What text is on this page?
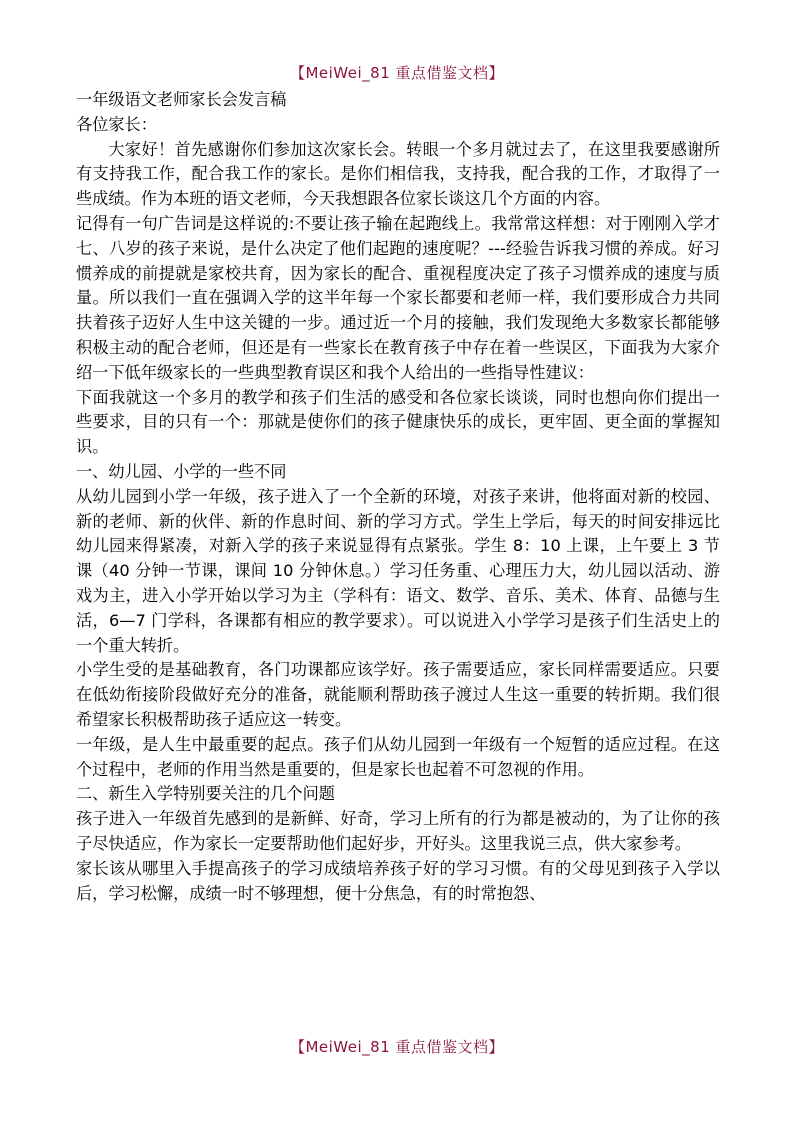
【MeiWei_81 重点借鉴文档】

一年级语文老师家长会发言稿

各位家长：

大家好！首先感谢你们参加这次家长会。转眼一个多月就过去了，在这里我要感谢所有支持我工作，配合我工作的家长。是你们相信我，支持我，配合我的工作，才取得了一些成绩。作为本班的语文老师，今天我想跟各位家长谈这几个方面的内容。

记得有一句广告词是这样说的:不要让孩子输在起跑线上。我常常这样想：对于刚刚入学才七、八岁的孩子来说，是什么决定了他们起跑的速度呢？---经验告诉我习惯的养成。好习惯养成的前提就是家校共育，因为家长的配合、重视程度决定了孩子习惯养成的速度与质量。所以我们一直在强调入学的这半年每一个家长都要和老师一样，我们要形成合力共同扶着孩子迈好人生中这关键的一步。通过近一个月的接触，我们发现绝大多数家长都能够积极主动的配合老师，但还是有一些家长在教育孩子中存在着一些误区，下面我为大家介绍一下低年级家长的一些典型教育误区和我个人给出的一些指导性建议：

下面我就这一个多月的教学和孩子们生活的感受和各位家长谈谈，同时也想向你们提出一些要求，目的只有一个：那就是使你们的孩子健康快乐的成长，更牢固、更全面的掌握知识。

一、幼儿园、小学的一些不同

从幼儿园到小学一年级，孩子进入了一个全新的环境，对孩子来讲，他将面对新的校园、新的老师、新的伙伴、新的作息时间、新的学习方式。学生上学后，每天的时间安排远比幼儿园来得紧凑，对新入学的孩子来说显得有点紧张。学生 8：10 上课，上午要上 3 节课（40 分钟一节课，课间 10 分钟休息。）学习任务重、心理压力大，幼儿园以活动、游戏为主，进入小学开始以学习为主（学科有：语文、数学、音乐、美术、体育、品德与生活，6—7 门学科，各课都有相应的教学要求）。可以说进入小学学习是孩子们生活史上的一个重大转折。

小学生受的是基础教育，各门功课都应该学好。孩子需要适应，家长同样需要适应。只要在低幼衔接阶段做好充分的准备，就能顺利帮助孩子渡过人生这一重要的转折期。我们很希望家长积极帮助孩子适应这一转变。

一年级，是人生中最重要的起点。孩子们从幼儿园到一年级有一个短暂的适应过程。在这个过程中，老师的作用当然是重要的，但是家长也起着不可忽视的作用。

二、新生入学特别要关注的几个问题

孩子进入一年级首先感到的是新鲜、好奇，学习上所有的行为都是被动的，为了让你的孩子尽快适应，作为家长一定要帮助他们起好步，开好头。这里我说三点，供大家参考。

家长该从哪里入手提高孩子的学习成绩培养孩子好的学习习惯。有的父母见到孩子入学以后，学习松懈，成绩一时不够理想，便十分焦急，有的时常抱怨、

【MeiWei_81 重点借鉴文档】
